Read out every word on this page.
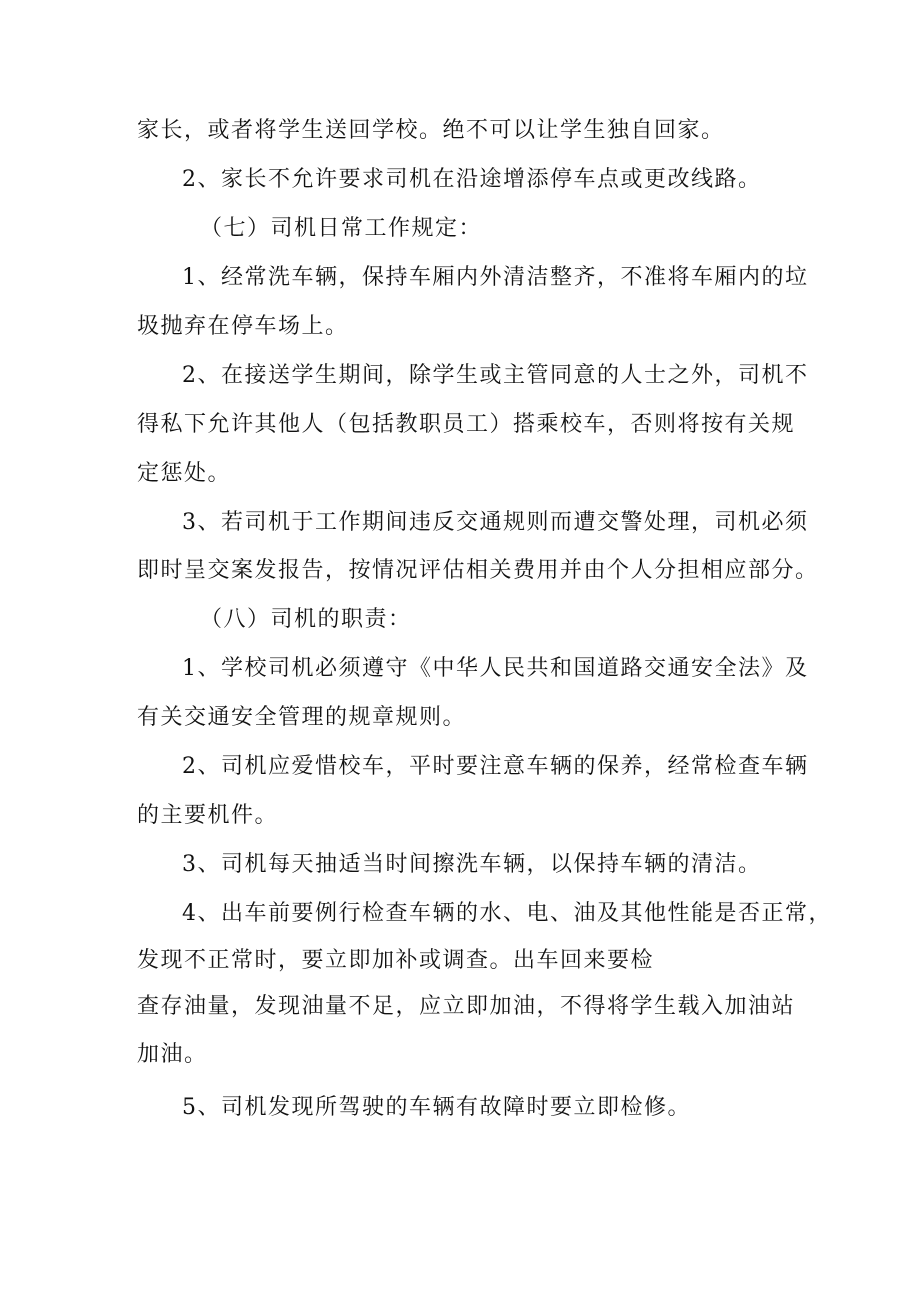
家长，或者将学生送回学校。绝不可以让学生独自回家。
2、家长不允许要求司机在沿途增添停车点或更改线路。
（七）司机日常工作规定：
1、经常洗车辆，保持车厢内外清洁整齐，不准将车厢内的垃
圾抛弃在停车场上。
2、在接送学生期间，除学生或主管同意的人士之外，司机不
得私下允许其他人（包括教职员工）搭乘校车，否则将按有关规
定惩处。
3、若司机于工作期间违反交通规则而遭交警处理，司机必须
即时呈交案发报告，按情况评估相关费用并由个人分担相应部分。
（八）司机的职责：
1、学校司机必须遵守《中华人民共和国道路交通安全法》及
有关交通安全管理的规章规则。
2、司机应爱惜校车，平时要注意车辆的保养，经常检查车辆
的主要机件。
3、司机每天抽适当时间擦洗车辆，以保持车辆的清洁。
4、出车前要例行检查车辆的水、电、油及其他性能是否正常，
发现不正常时，要立即加补或调查。出车回来要检
查存油量，发现油量不足，应立即加油，不得将学生载入加油站
加油。
5、司机发现所驾驶的车辆有故障时要立即检修。
